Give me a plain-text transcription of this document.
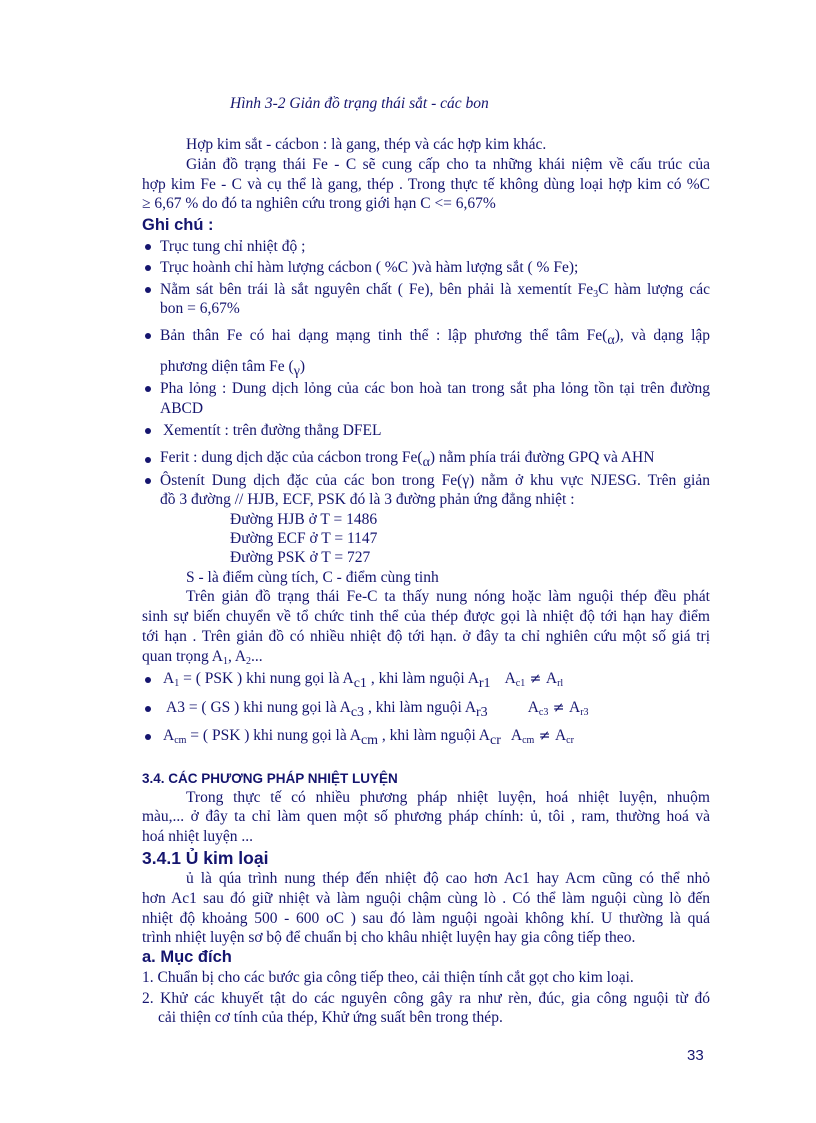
Hình 3-2 Giản đồ trạng thái sắt - các bon
Hợp kim sắt - cácbon : là gang, thép và các hợp kim khác.
Giản đồ trạng thái Fe - C sẽ cung cấp cho ta những khái niệm về cấu trúc của
hợp kim Fe - C và cụ thể là gang, thép . Trong thực tế không dùng loại hợp kim có %C
≥ 6,67 % do đó ta nghiên cứu trong giới hạn C <= 6,67%
Ghi chú :
Trục tung chỉ nhiệt độ ;
Trục hoành chỉ hàm lượng cácbon ( %C )và hàm lượng sắt ( % Fe);
Nằm sát bên trái là sắt nguyên chất ( Fe), bên phải là xementít $Fe_3C$ hàm lượng các
bon = 6,67%
Bản thân Fe có hai dạng mạng tinh thể : lập phương thể tâm $Fe(_\alpha)$, và dạng lập
phương diện tâm Fe $(_\gamma)$
Pha lỏng : Dung dịch lỏng của các bon hoà tan trong sắt pha lỏng tồn tại trên đường
ABCD
Xementít : trên đường thẳng DFEL
Ferit : dung dịch dặc của cácbon trong $Fe(_\alpha)$ nằm phía trái đường GPQ và AHN
Ôstenít Dung dịch đặc của các bon trong Fe(γ) nằm ở khu vực NJESG. Trên giản
đồ 3 đường // HJB, ECF, PSK đó là 3 đường phản ứng đẳng nhiệt :
Đường HJB ở T = 1486
Đường ECF ở T = 1147
Đường PSK ở T = 727
S - là điểm cùng tích, C - điểm cùng tinh
Trên giản đồ trạng thái Fe-C ta thấy nung nóng hoặc làm nguội thép đều phát
sinh sự biến chuyển về tổ chức tinh thể của thép được gọi là nhiệt độ tới hạn hay điểm
tới hạn . Trên giản đồ có nhiều nhiệt độ tới hạn. ở đây ta chỉ nghiên cứu một số giá trị
quan trọng $A_1$, $A_2$...
$A_1$ = ( PSK ) khi nung gọi là $A_{c1}$ , khi làm nguội $A_{r1}$ $A_{c1} \ne A_{rl}$
A3 = ( GS ) khi nung gọi là $A_{c3}$ , khi làm nguội $A_{r3}$	$A_{c3} \ne A_{r3}$
$A_{cm}$ = ( PSK ) khi nung gọi là $A_{cm}$ , khi làm nguội $A_{cr}$ $A_{cm} \ne A_{cr}$
3.4. CÁC PHƯƠNG PHÁP NHIỆT LUYỆN
Trong thực tế có nhiều phương pháp nhiệt luyện, hoá nhiệt luyện, nhuộm
màu,... ở đây ta chỉ làm quen một số phương pháp chính: ủ, tôi , ram, thường hoá và
hoá nhiệt luyện ...
3.4.1 Ủ kim loại
ủ là qúa trình nung thép đến nhiệt độ cao hơn Ac1 hay Acm cũng có thể nhỏ
hơn Ac1 sau đó giữ nhiệt và làm nguội chậm cùng lò . Có thể làm nguội cùng lò đến
nhiệt độ khoảng 500 - 600 oC ) sau đó làm nguội ngoài không khí. U thường là quá
trình nhiệt luyện sơ bộ để chuẩn bị cho khâu nhiệt luyện hay gia công tiếp theo.
a. Mục đích
1. Chuẩn bị cho các bước gia công tiếp theo, cải thiện tính cắt gọt cho kim loại.
2. Khử các khuyết tật do các nguyên công gây ra như rèn, đúc, gia công nguội từ đó
cải thiện cơ tính của thép, Khử ứng suất bên trong thép.
33
